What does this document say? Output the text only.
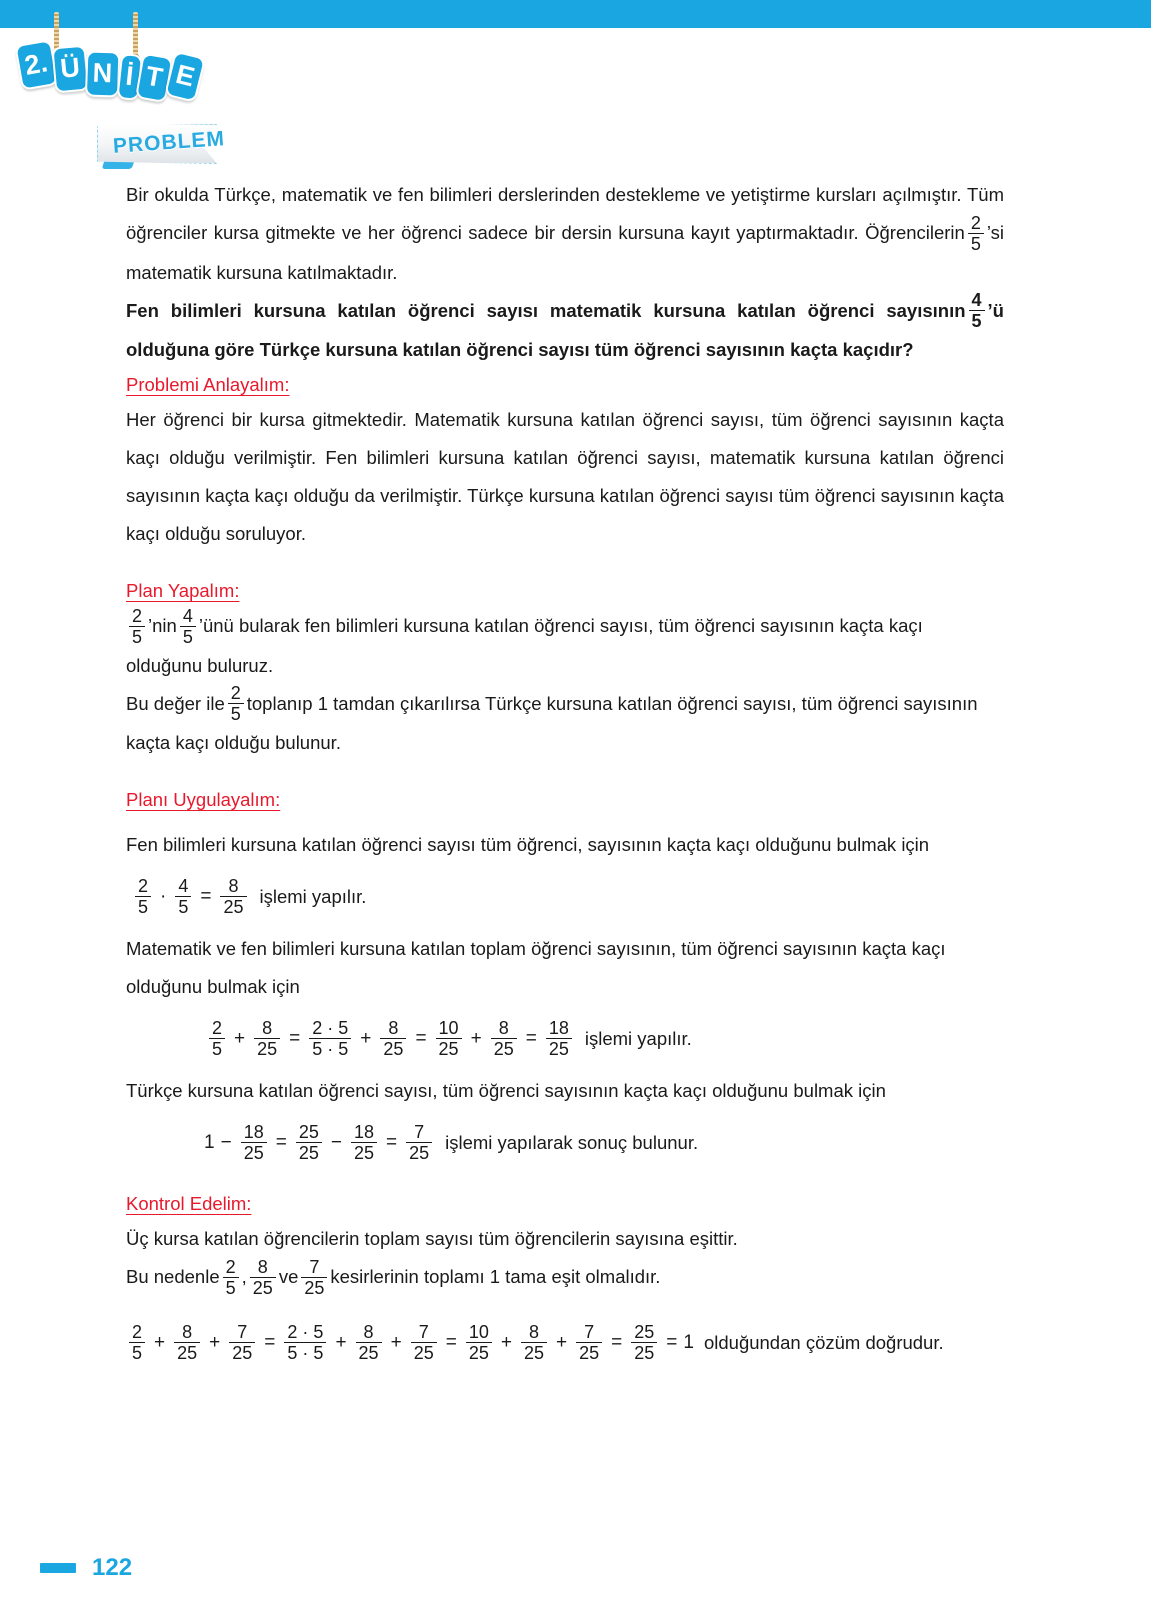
2. Ü N İ T E
PROBLEM

Bir okulda Türkçe, matematik ve fen bilimleri derslerinden destekleme ve yetiştirme kursları açılmıştır. Tüm öğrenciler kursa gitmekte ve her öğrenci sadece bir dersin kursuna kayıt yaptırmaktadır. Öğrencilerin $\frac{2}{5}$ ’si matematik kursuna katılmaktadır.

Fen bilimleri kursuna katılan öğrenci sayısı matematik kursuna katılan öğrenci sayısının $\frac{4}{5}$ ’ü olduğuna göre Türkçe kursuna katılan öğrenci sayısı tüm öğrenci sayısının kaçta kaçıdır?

Problemi Anlayalım:

Her öğrenci bir kursa gitmektedir. Matematik kursuna katılan öğrenci sayısı, tüm öğrenci sayısının kaçta kaçı olduğu verilmiştir. Fen bilimleri kursuna katılan öğrenci sayısı, matematik kursuna katılan öğrenci sayısının kaçta kaçı olduğu da verilmiştir. Türkçe kursuna katılan öğrenci sayısı tüm öğrenci sayısının kaçta kaçı olduğu soruluyor.

Plan Yapalım:

$\frac{2}{5}$ ’nin $\frac{4}{5}$ ’ünü bularak fen bilimleri kursuna katılan öğrenci sayısı, tüm öğrenci sayısının kaçta kaçı olduğunu buluruz.

Bu değer ile $\frac{2}{5}$ toplanıp 1 tamdan çıkarılırsa Türkçe kursuna katılan öğrenci sayısı, tüm öğrenci sayısının kaçta kaçı olduğu bulunur.

Planı Uygulayalım:

Fen bilimleri kursuna katılan öğrenci sayısı tüm öğrenci, sayısının kaçta kaçı olduğunu bulmak için

$\frac{2}{5} \cdot \frac{4}{5} = \frac{8}{25}$ işlemi yapılır.

Matematik ve fen bilimleri kursuna katılan toplam öğrenci sayısının, tüm öğrenci sayısının kaçta kaçı olduğunu bulmak için

$\frac{2}{5} + \frac{8}{25} = \frac{2 \cdot 5}{5 \cdot 5} + \frac{8}{25} = \frac{10}{25} + \frac{8}{25} = \frac{18}{25}$ işlemi yapılır.

Türkçe kursuna katılan öğrenci sayısı, tüm öğrenci sayısının kaçta kaçı olduğunu bulmak için

$1 - \frac{18}{25} = \frac{25}{25} - \frac{18}{25} = \frac{7}{25}$ işlemi yapılarak sonuç bulunur.
Kontrol Edelim:

Üç kursa katılan öğrencilerin toplam sayısı tüm öğrencilerin sayısına eşittir.

Bu nedenle $\frac{2}{5}$ , $\frac{8}{25}$ ve $\frac{7}{25}$ kesirlerinin toplamı 1 tama eşit olmalıdır.

$\frac{2}{5} + \frac{8}{25} + \frac{7}{25} = \frac{2 \cdot 5}{5 \cdot 5} + \frac{8}{25} + \frac{7}{25} = \frac{10}{25} + \frac{8}{25} + \frac{7}{25} = \frac{25}{25} = 1$ olduğundan çözüm doğrudur.
122
